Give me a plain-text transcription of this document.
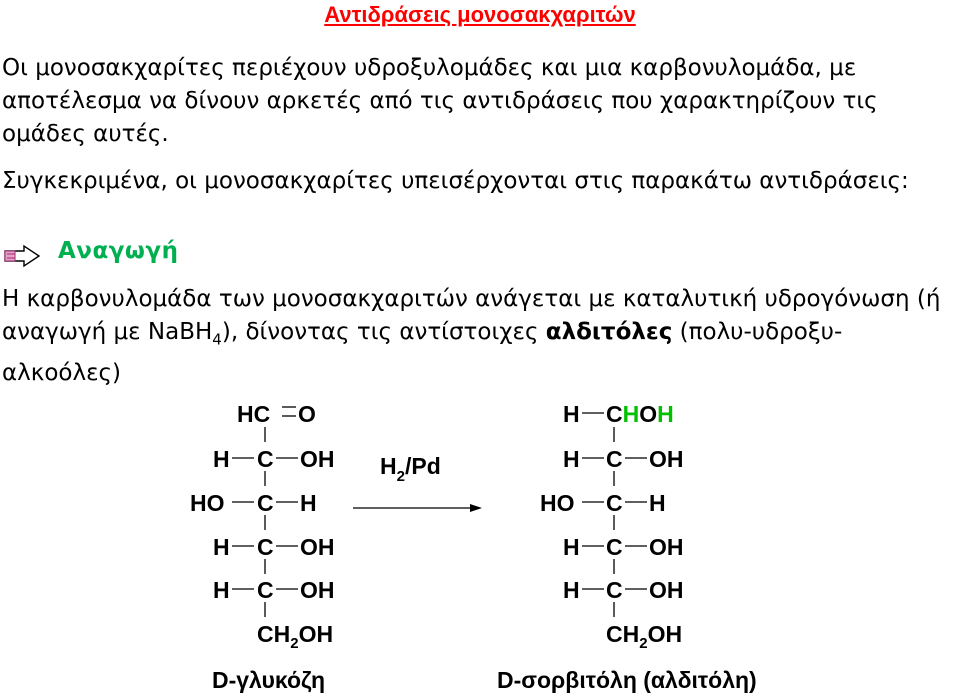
Αντιδράσεις μονοσακχαριτών

Οι μονοσακχαρίτες περιέχουν υδροξυλομάδες και μια καρβονυλομάδα, με αποτέλεσμα να δίνουν αρκετές από τις αντιδράσεις που χαρακτηρίζουν τις ομάδες αυτές.

Συγκεκριμένα, οι μονοσακχαρίτες υπεισέρχονται στις παρακάτω αντιδράσεις:

Αναγωγή

Η καρβονυλομάδα των μονοσακχαριτών ανάγεται με καταλυτική υδρογόνωση (ή αναγωγή με NaBH$_4$), δίνοντας τις αντίστοιχες αλδιτόλες (πολυ-υδροξυ-αλκοόλες)

HC O
H C OH
HO C H
H C OH
H C OH
$CH_2OH$
$H_2/Pd$
H CHOH
H C OH
HO C H
H C OH
H C OH
$CH_2OH$
D-γλυκόζη	D-σορβιτόλη (αλδιτόλη)
